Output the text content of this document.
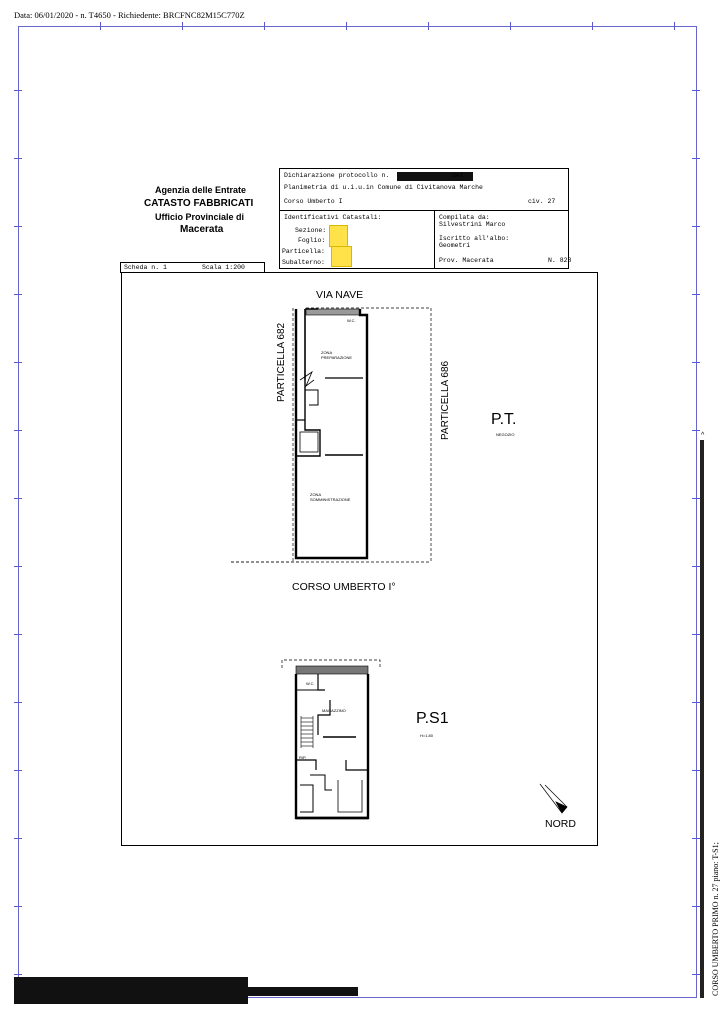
Data: 06/01/2020 - n. T4650 - Richiedente: BRCFNC82M15C770Z
^
CORSO UMBERTO PRIMO n. 27 piano: T-S1;
Agenzia delle Entrate
CATASTO FABBRICATI
Ufficio Provinciale di
Macerata
Dichiarazione protocollo n.	del
Planimetria di u.i.u.in Comune di Civitanova Marche
Corso Umberto I	civ. 27
Identificativi Catastali:
Sezione:
Foglio:
Particella:
Subalterno:
Compilata da:
Silvestrini Marco
Iscritto all'albo:
Geometri
Prov. Macerata	N. 828
Scheda n. 1	Scala 1:200
VIA NAVE
PARTICELLA 682	PARTICELLA 686	P.T.
NEGOZIO
ZONA PREPARAZIONE
ZONA SOMMINISTRAZIONE
W.C.
CORSO UMBERTO I°
P.S1
H=1.80
MAGAZZINO
W.C.
RIP.
NORD
